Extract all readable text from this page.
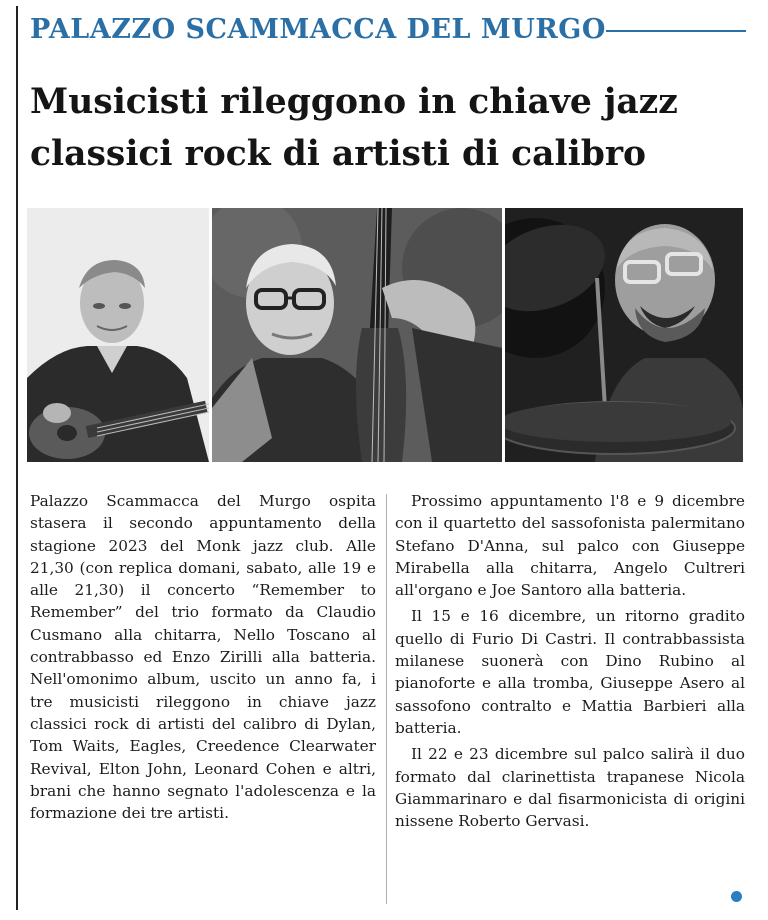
PALAZZO SCAMMACCA DEL MURGO
Musicisti rileggono in chiave jazz
classici rock di artisti di calibro

Palazzo Scammacca del Murgo ospita stasera il secondo appuntamento della stagione 2023 del Monk jazz club. Alle 21,30 (con replica domani, sabato, alle 19 e alle 21,30) il concerto “Remember to Remember” del trio formato da Claudio Cusmano alla chitarra, Nello Toscano al contrabbasso ed Enzo Zirilli alla batteria. Nell'omonimo album, uscito un anno fa, i tre musicisti rileggono in chiave jazz classici rock di artisti del calibro di Dylan, Tom Waits, Eagles, Creedence Clearwater Revival, Elton John, Leonard Cohen e altri, brani che hanno segnato l'adolescenza e la formazione dei tre artisti.

Prossimo appuntamento l'8 e 9 dicembre con il quartetto del sassofonista palermitano Stefano D'Anna, sul palco con Giuseppe Mirabella alla chitarra, Angelo Cultreri all'organo e Joe Santoro alla batteria.

Il 15 e 16 dicembre, un ritorno gradito quello di Furio Di Castri. Il contrabbassista milanese suonerà con Dino Rubino al pianoforte e alla tromba, Giuseppe Asero al sassofono contralto e Mattia Barbieri alla batteria.

Il 22 e 23 dicembre sul palco salirà il duo formato dal clarinettista trapanese Nicola Giammarinaro e dal fisarmonicista di origini nissene Roberto Gervasi.
